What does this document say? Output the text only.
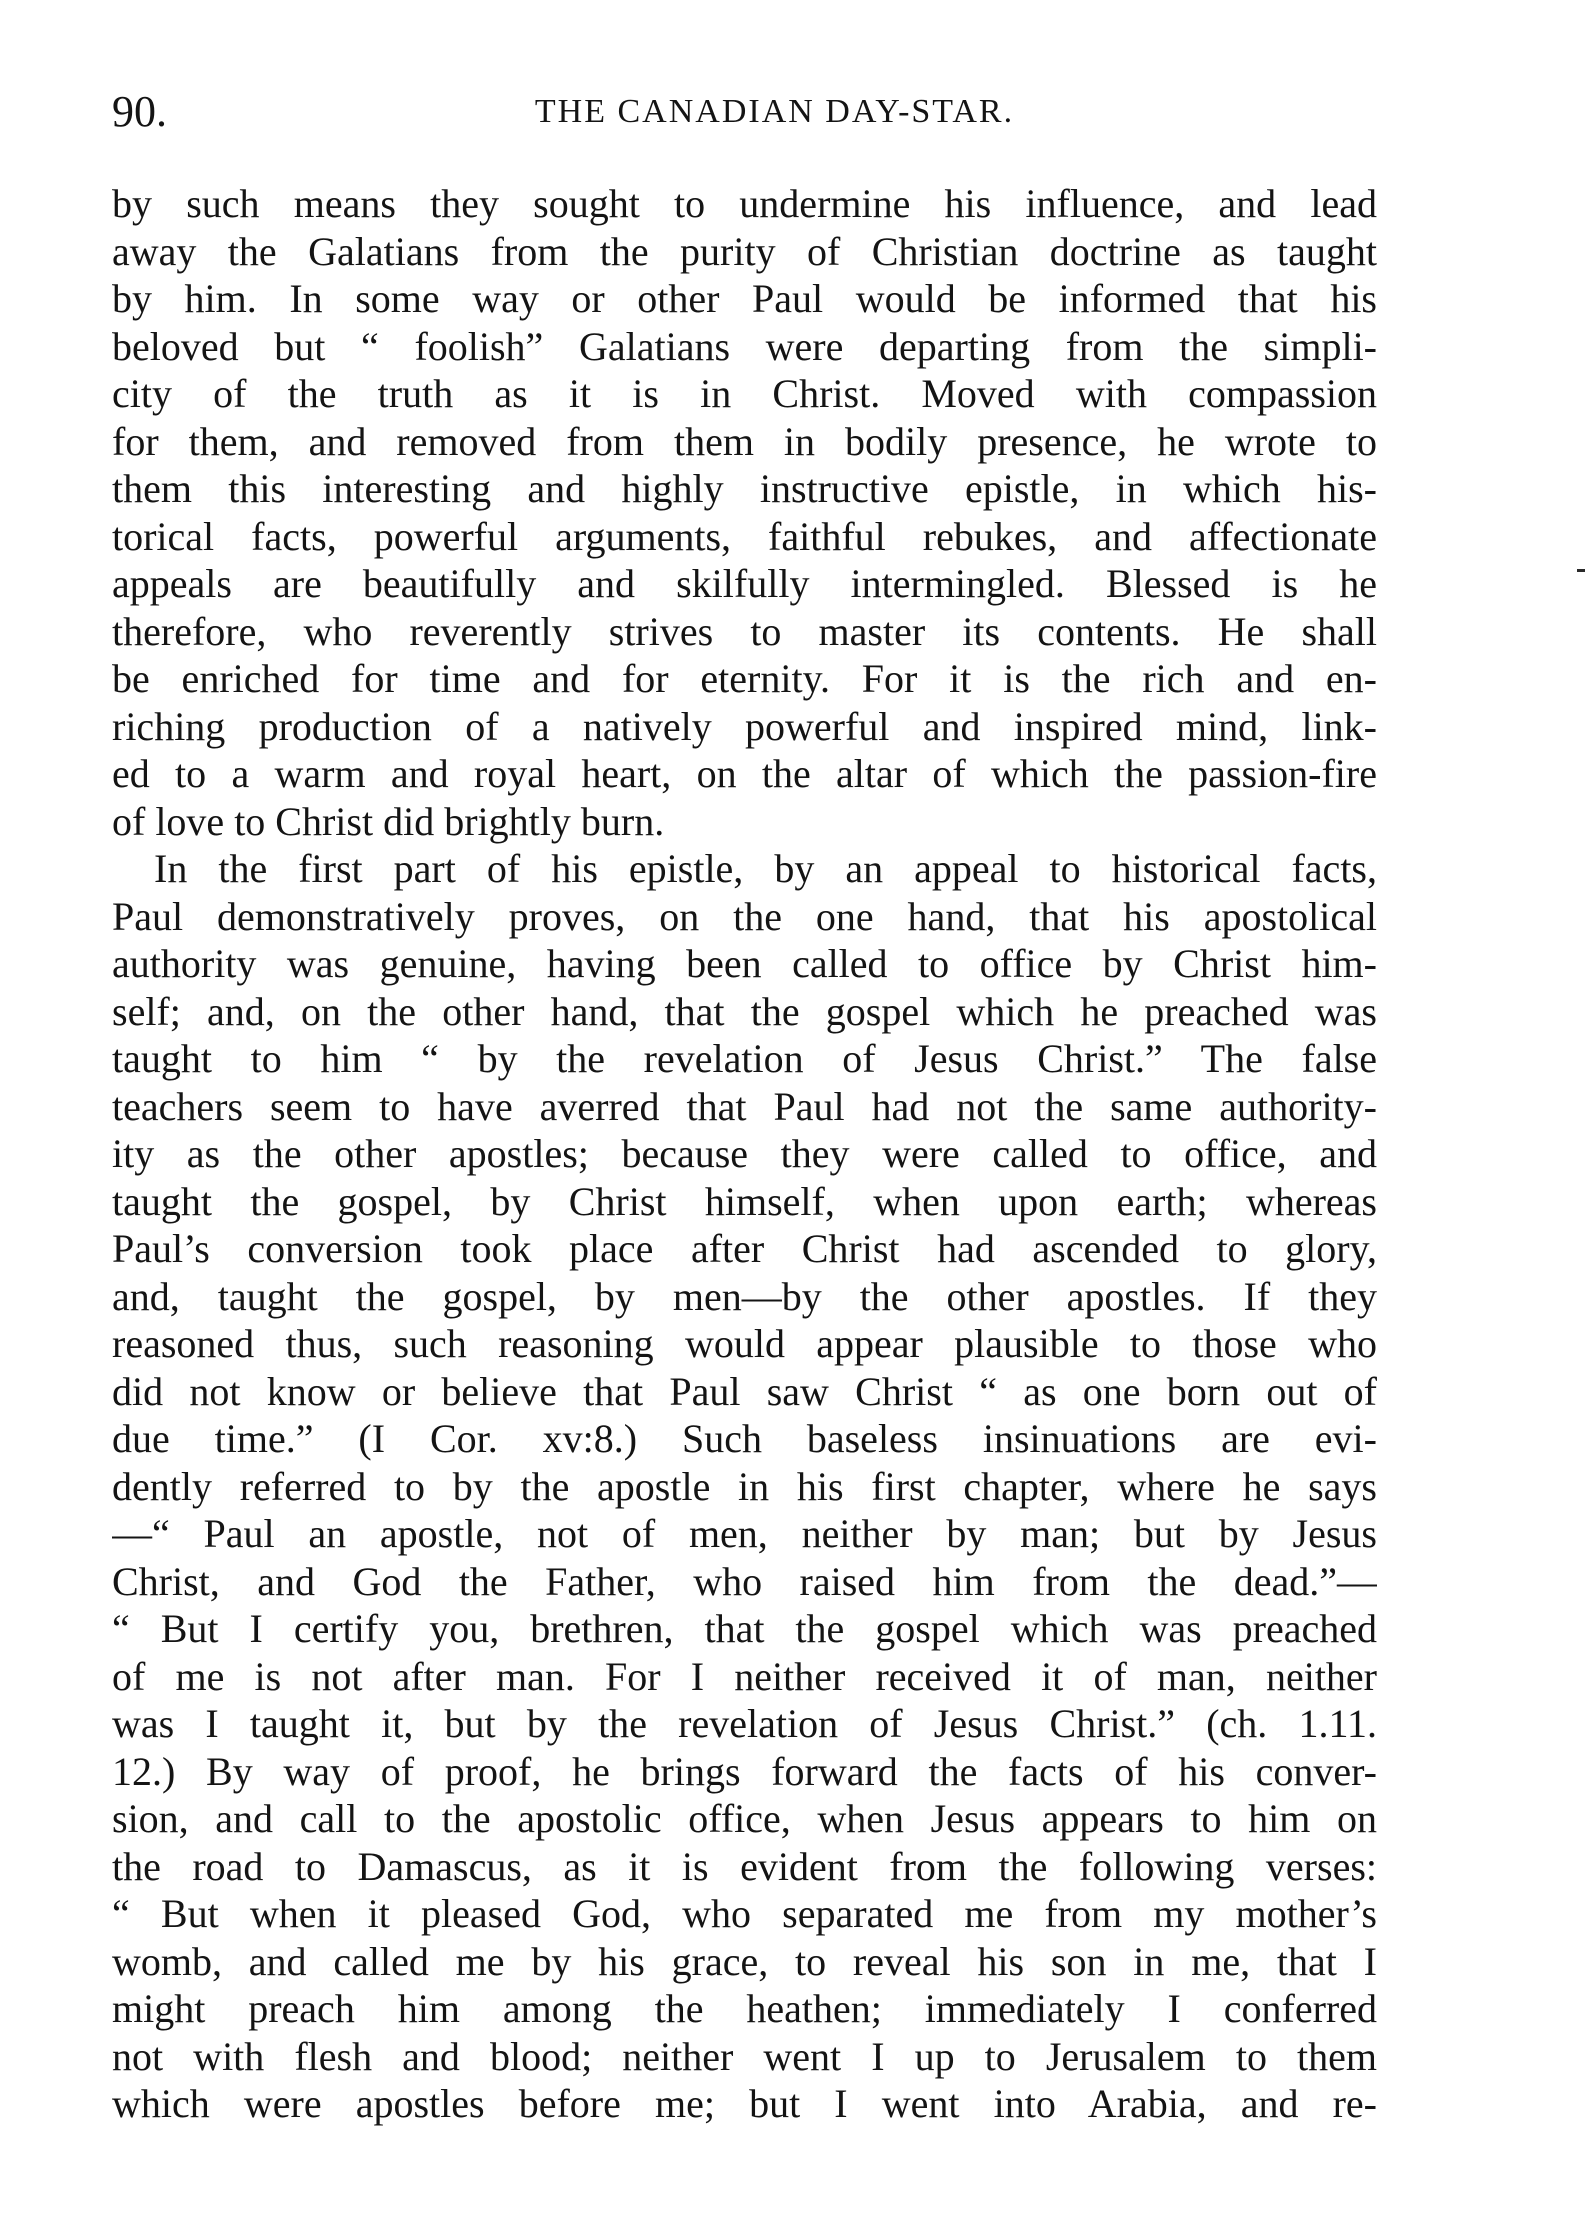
90.	THE CANADIAN DAY-STAR.
by such means they sought to undermine his influence, and lead
away the Galatians from the purity of Christian doctrine as taught
by him. In some way or other Paul would be informed that his
beloved but “ foolish” Galatians were departing from the simpli-
city of the truth as it is in Christ. Moved with compassion
for them, and removed from them in bodily presence, he wrote to
them this interesting and highly instructive epistle, in which his-
torical facts, powerful arguments, faithful rebukes, and affectionate
appeals are beautifully and skilfully intermingled. Blessed is he
therefore, who reverently strives to master its contents. He shall
be enriched for time and for eternity. For it is the rich and en-
riching production of a natively powerful and inspired mind, link-
ed to a warm and royal heart, on the altar of which the passion-fire
of love to Christ did brightly burn.
In the first part of his epistle, by an appeal to historical facts,
Paul demonstratively proves, on the one hand, that his apostolical
authority was genuine, having been called to office by Christ him-
self; and, on the other hand, that the gospel which he preached was
taught to him “ by the revelation of Jesus Christ.” The false
teachers seem to have averred that Paul had not the same authority-
ity as the other apostles; because they were called to office, and
taught the gospel, by Christ himself, when upon earth; whereas
Paul’s conversion took place after Christ had ascended to glory,
and, taught the gospel, by men—by the other apostles. If they
reasoned thus, such reasoning would appear plausible to those who
did not know or believe that Paul saw Christ “ as one born out of
due time.” (I Cor. xv:8.) Such baseless insinuations are evi-
dently referred to by the apostle in his first chapter, where he says
—“ Paul an apostle, not of men, neither by man; but by Jesus
Christ, and God the Father, who raised him from the dead.”—
“ But I certify you, brethren, that the gospel which was preached
of me is not after man. For I neither received it of man, neither
was I taught it, but by the revelation of Jesus Christ.” (ch. 1.11.
12.) By way of proof, he brings forward the facts of his conver-
sion, and call to the apostolic office, when Jesus appears to him on
the road to Damascus, as it is evident from the following verses:
“ But when it pleased God, who separated me from my mother’s
womb, and called me by his grace, to reveal his son in me, that I
might preach him among the heathen; immediately I conferred
not with flesh and blood; neither went I up to Jerusalem to them
which were apostles before me; but I went into Arabia, and re-
